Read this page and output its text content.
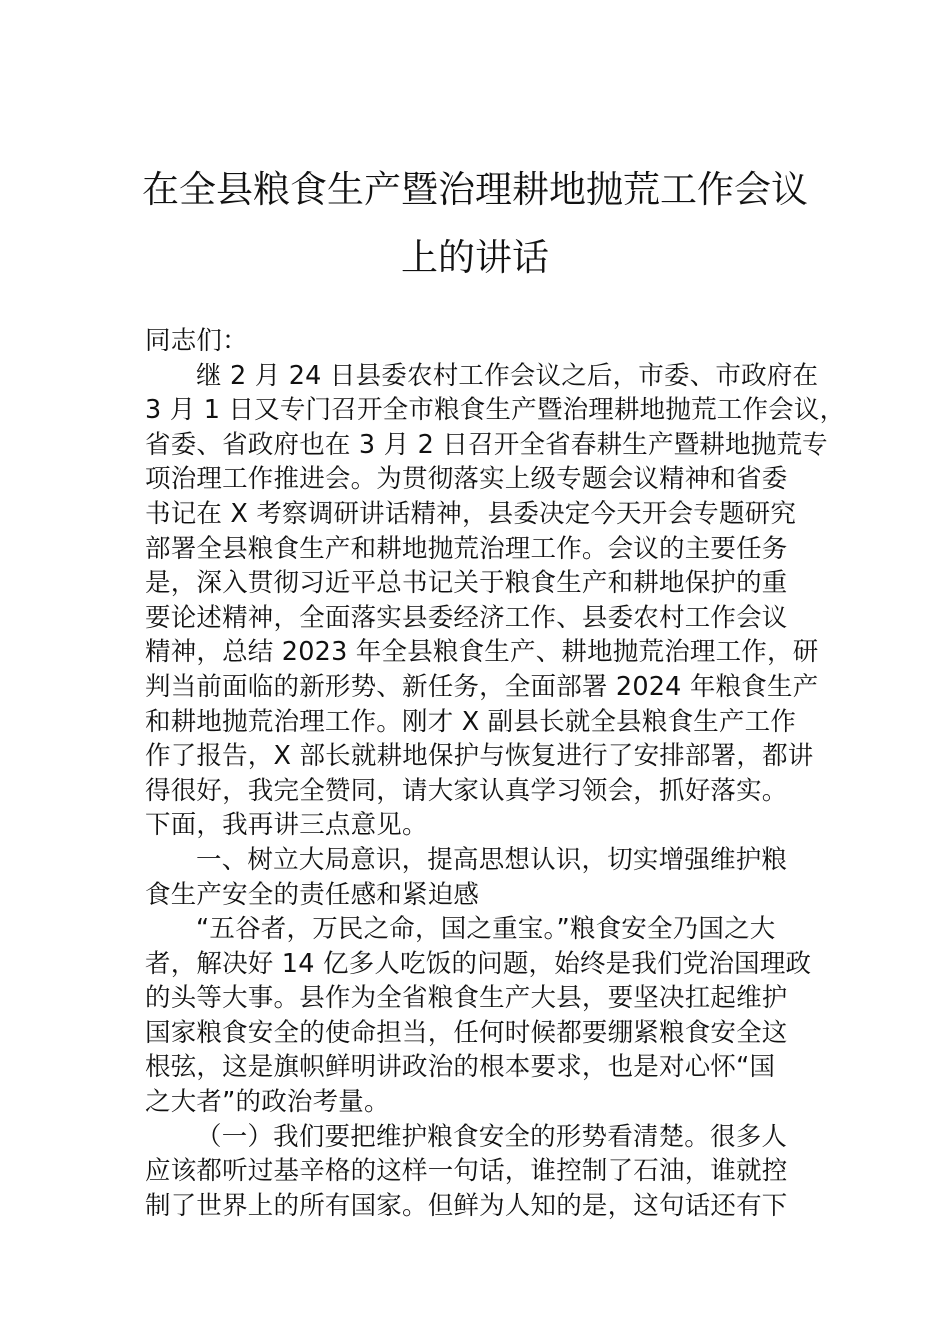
在全县粮食生产暨治理耕地抛荒工作会议
上的讲话
同志们：
继 2 月 24 日县委农村工作会议之后，市委、市政府在
3 月 1 日又专门召开全市粮食生产暨治理耕地抛荒工作会议，
省委、省政府也在 3 月 2 日召开全省春耕生产暨耕地抛荒专
项治理工作推进会。为贯彻落实上级专题会议精神和省委
书记在 X 考察调研讲话精神，县委决定今天开会专题研究
部署全县粮食生产和耕地抛荒治理工作。会议的主要任务
是，深入贯彻习近平总书记关于粮食生产和耕地保护的重
要论述精神，全面落实县委经济工作、县委农村工作会议
精神，总结 2023 年全县粮食生产、耕地抛荒治理工作，研
判当前面临的新形势、新任务，全面部署 2024 年粮食生产
和耕地抛荒治理工作。刚才 X 副县长就全县粮食生产工作
作了报告，X 部长就耕地保护与恢复进行了安排部署，都讲
得很好，我完全赞同，请大家认真学习领会，抓好落实。
下面，我再讲三点意见。
一、树立大局意识，提高思想认识，切实增强维护粮
食生产安全的责任感和紧迫感
“五谷者，万民之命，国之重宝。”粮食安全乃国之大
者，解决好 14 亿多人吃饭的问题，始终是我们党治国理政
的头等大事。县作为全省粮食生产大县，要坚决扛起维护
国家粮食安全的使命担当，任何时候都要绷紧粮食安全这
根弦，这是旗帜鲜明讲政治的根本要求，也是对心怀“国
之大者”的政治考量。
（一）我们要把维护粮食安全的形势看清楚。很多人
应该都听过基辛格的这样一句话，谁控制了石油，谁就控
制了世界上的所有国家。但鲜为人知的是，这句话还有下
